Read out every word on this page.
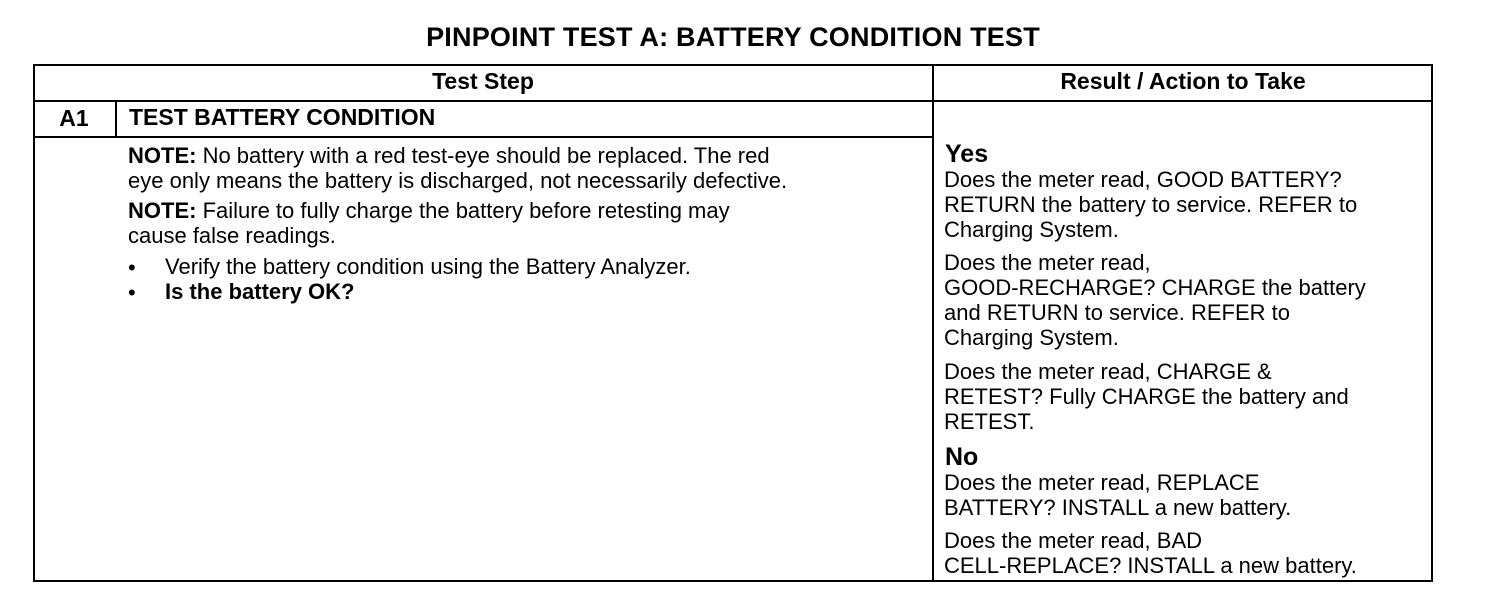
PINPOINT TEST A: BATTERY CONDITION TEST
Test Step	Result / Action to Take
A1	TEST BATTERY CONDITION
NOTE: No battery with a red test-eye should be replaced. The red
eye only means the battery is discharged, not necessarily defective.
NOTE: Failure to fully charge the battery before retesting may
cause false readings.
• Verify the battery condition using the Battery Analyzer.
• Is the battery OK?
Yes
Does the meter read, GOOD BATTERY?
RETURN the battery to service. REFER to
Charging System.
Does the meter read,
GOOD-RECHARGE? CHARGE the battery
and RETURN to service. REFER to
Charging System.
Does the meter read, CHARGE &
RETEST? Fully CHARGE the battery and
RETEST.
No
Does the meter read, REPLACE
BATTERY? INSTALL a new battery.
Does the meter read, BAD
CELL-REPLACE? INSTALL a new battery.
